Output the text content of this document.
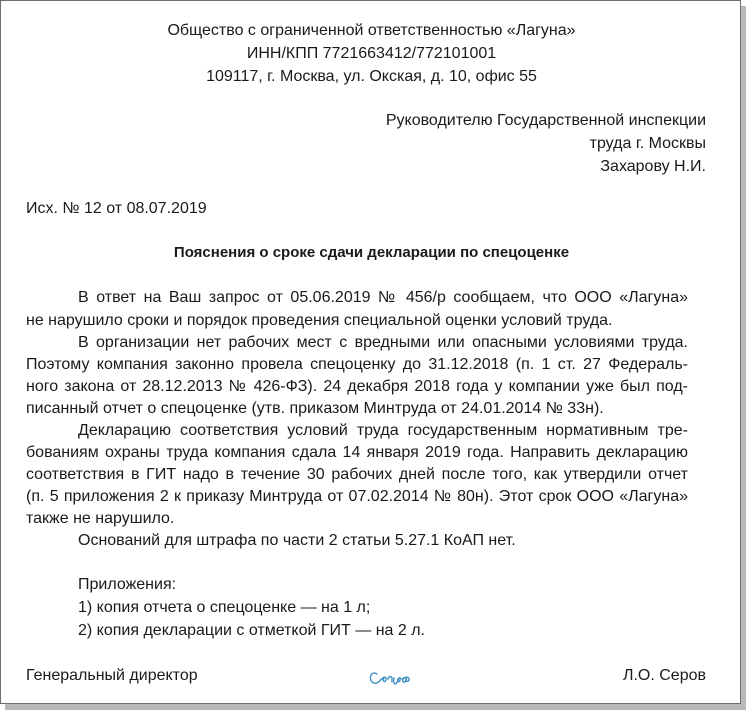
Общество с ограниченной ответственностью «Лагуна»
ИНН/КПП 7721663412/772101001
109117, г. Москва, ул. Окская, д. 10, офис 55
Руководителю Государственной инспекции
труда г. Москвы
Захарову Н.И.
Исх. № 12 от 08.07.2019
Пояснения о сроке сдачи декларации по спецоценке
В ответ на Ваш запрос от 05.06.2019 № 456/р сообщаем, что ООО «Лагуна»
не нарушило сроки и порядок проведения специальной оценки условий труда.
В организации нет рабочих мест с вредными или опасными условиями труда.
Поэтому компания законно провела спецоценку до 31.12.2018 (п. 1 ст. 27 Федераль-
ного закона от 28.12.2013 № 426-ФЗ). 24 декабря 2018 года у компании уже был под-
писанный отчет о спецоценке (утв. приказом Минтруда от 24.01.2014 № 33н).
Декларацию соответствия условий труда государственным нормативным тре-
бованиям охраны труда компания сдала 14 января 2019 года. Направить декларацию
соответствия в ГИТ надо в течение 30 рабочих дней после того, как утвердили отчет
(п. 5 приложения 2 к приказу Минтруда от 07.02.2014 № 80н). Этот срок ООО «Лагуна»
также не нарушило.
Оснований для штрафа по части 2 статьи 5.27.1 КоАП нет.
Приложения:
1) копия отчета о спецоценке — на 1 л;
2) копия декларации с отметкой ГИТ — на 2 л.
Генеральный директор	Л.О. Серов
